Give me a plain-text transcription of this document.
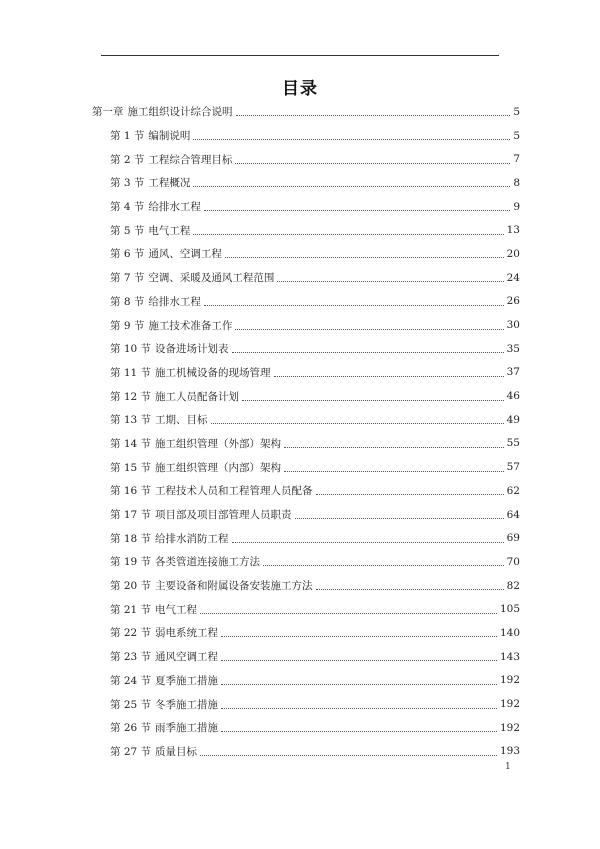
目录
第一章 施工组织设计综合说明	5
第 1 节 编制说明	5
第 2 节 工程综合管理目标	7
第 3 节 工程概况	8
第 4 节 给排水工程	9
第 5 节 电气工程	13
第 6 节 通风、空调工程	20
第 7 节 空调、采暖及通风工程范围	24
第 8 节 给排水工程	26
第 9 节 施工技术准备工作	30
第 10 节 设备进场计划表	35
第 11 节 施工机械设备的现场管理	37
第 12 节 施工人员配备计划	46
第 13 节 工期、目标	49
第 14 节 施工组织管理（外部）架构	55
第 15 节 施工组织管理（内部）架构	57
第 16 节 工程技术人员和工程管理人员配备	62
第 17 节 项目部及项目部管理人员职责	64
第 18 节 给排水消防工程	69
第 19 节 各类管道连接施工方法	70
第 20 节 主要设备和附属设备安装施工方法	82
第 21 节 电气工程	105
第 22 节 弱电系统工程	140
第 23 节 通风空调工程	143
第 24 节 夏季施工措施	192
第 25 节 冬季施工措施	192
第 26 节 雨季施工措施	192
第 27 节 质量目标	193
1
